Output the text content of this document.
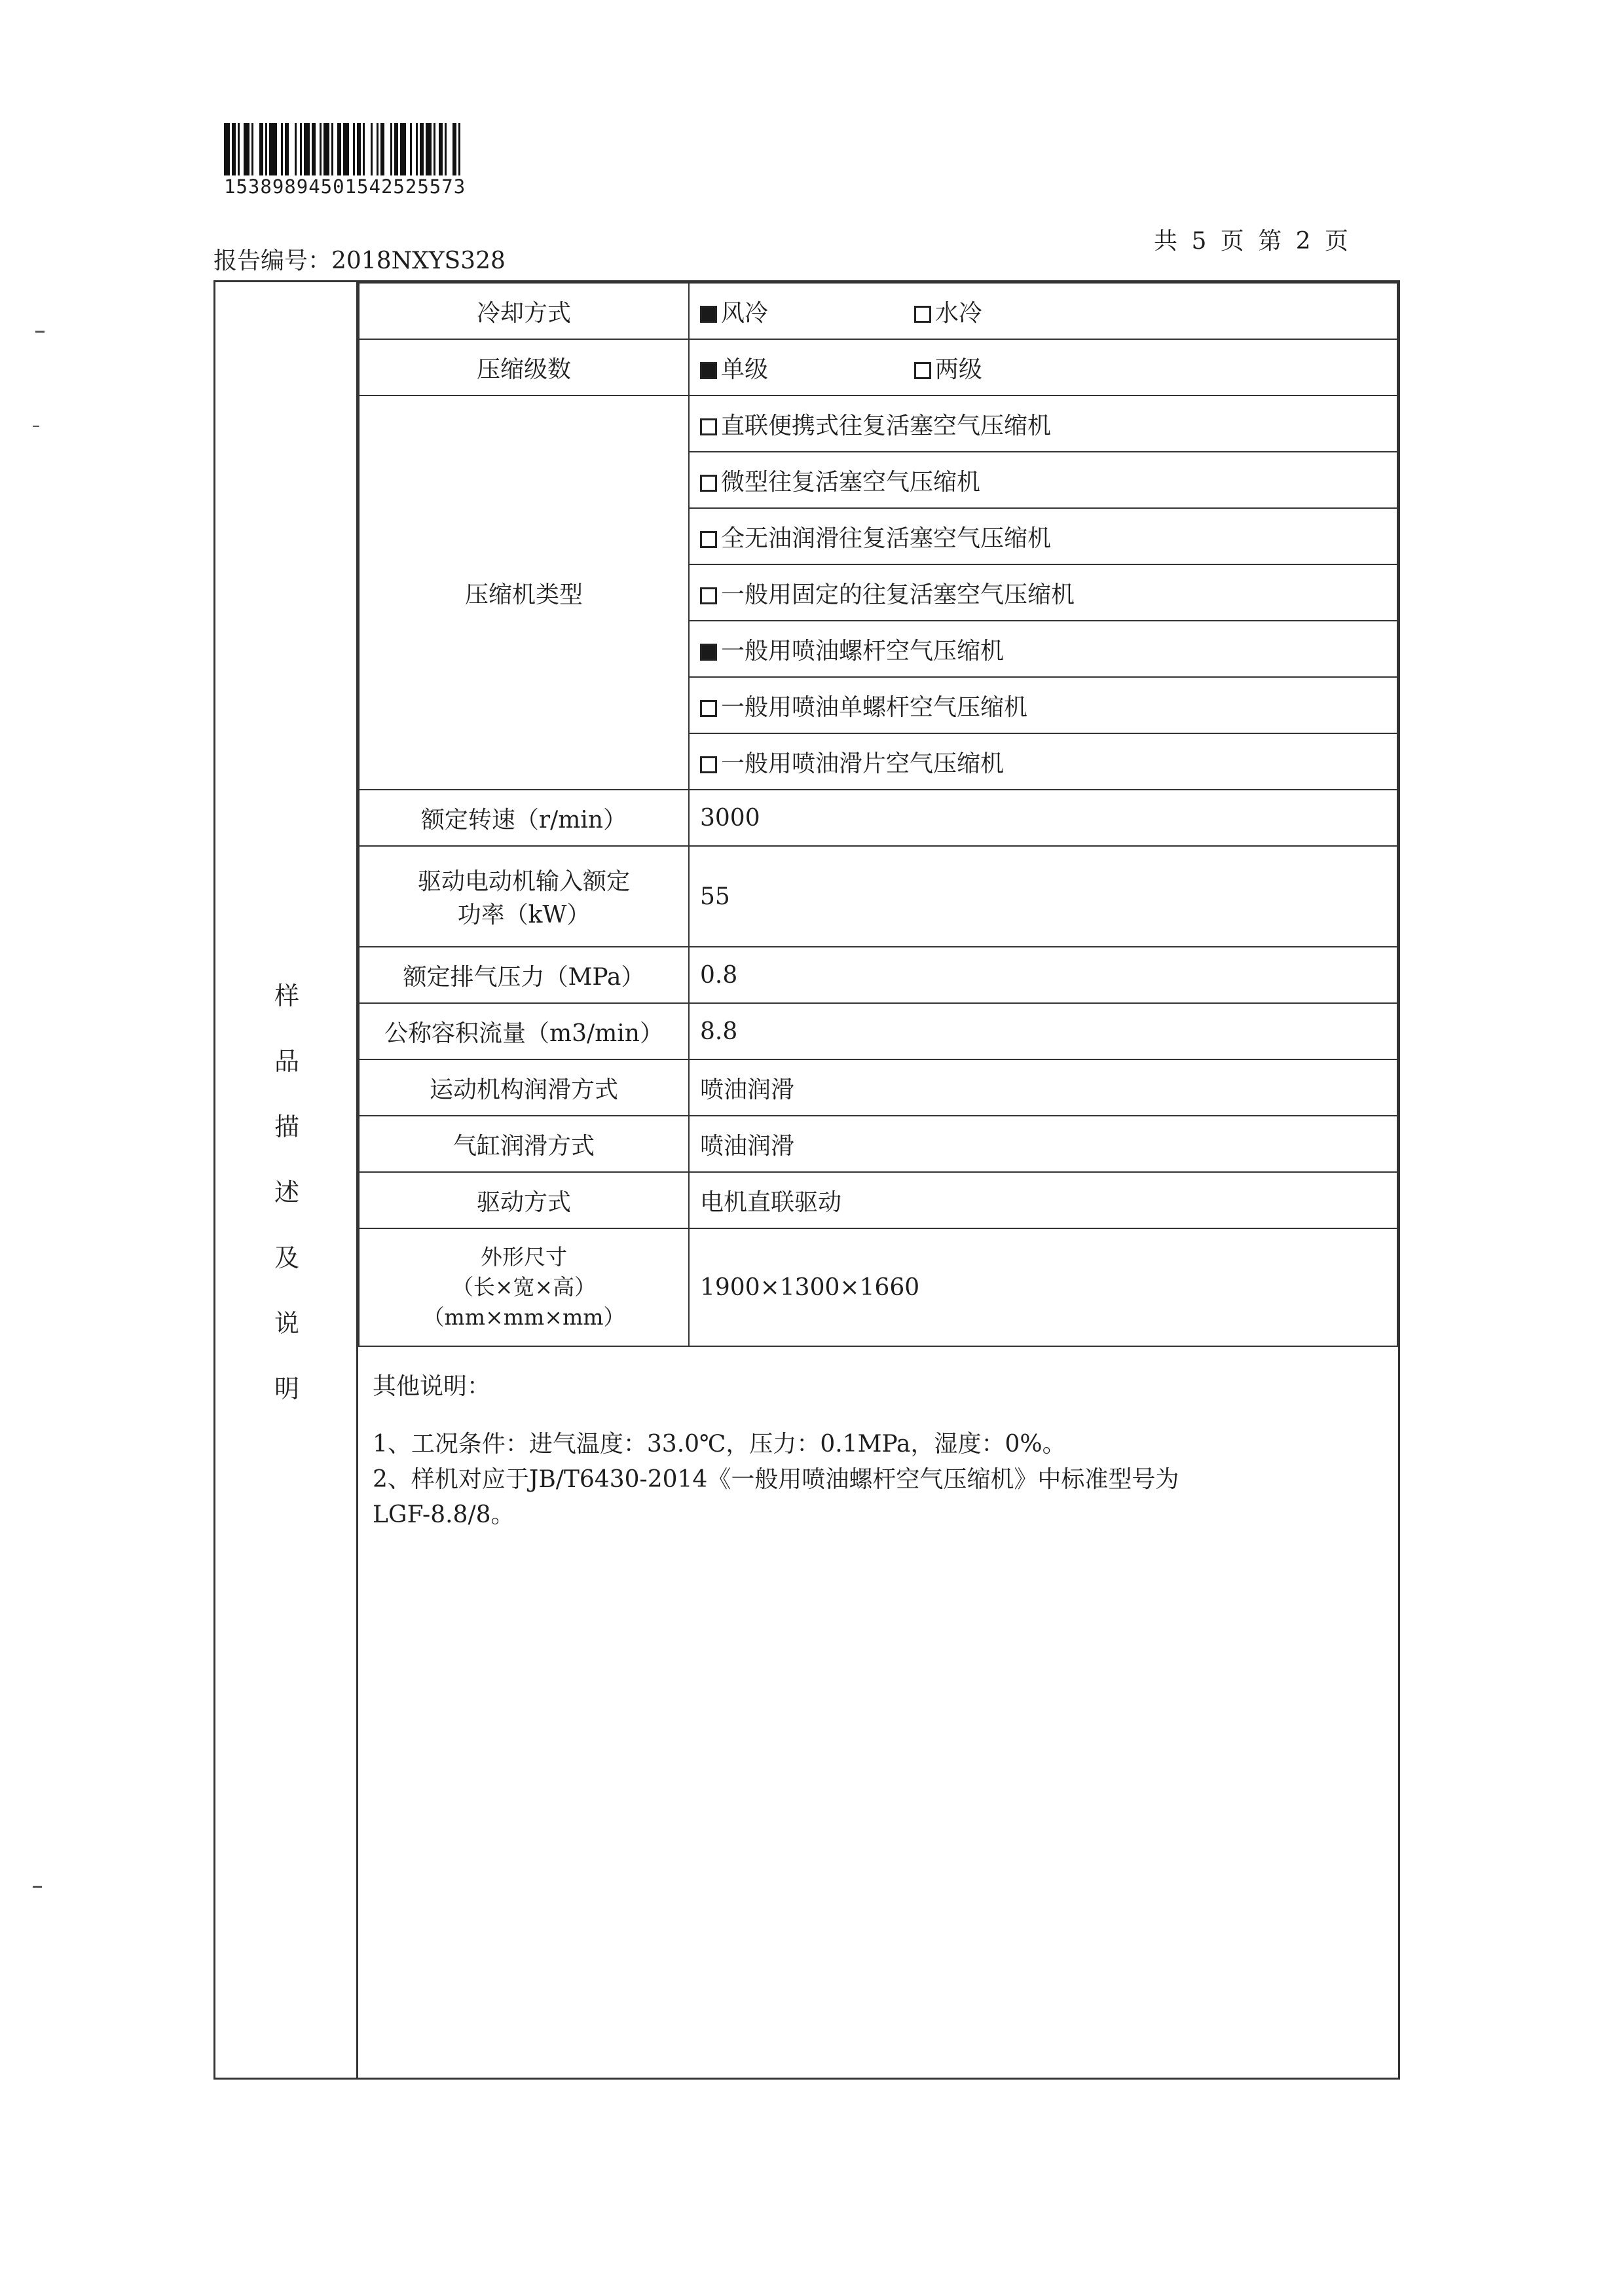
15389894501542525573
报告编号：2018NXYS328
共 5 页 第 2 页
样
品
描
述
及
说
明
冷却方式	风冷 水冷
压缩级数	单级 两级
压缩机类型	直联便携式往复活塞空气压缩机
	微型往复活塞空气压缩机
	全无油润滑往复活塞空气压缩机
	一般用固定的往复活塞空气压缩机
	一般用喷油螺杆空气压缩机
	一般用喷油单螺杆空气压缩机
	一般用喷油滑片空气压缩机
额定转速（r/min）	3000

驱动电动机输入额定
功率（kW）	55
额定排气压力（MPa）	0.8
公称容积流量（m3/min）	8.8
运动机构润滑方式	喷油润滑
气缸润滑方式	喷油润滑
驱动方式	电机直联驱动

外形尺寸
（长×宽×高）
（mm×mm×mm）	1900×1300×1660
其他说明：
1、工况条件：进气温度：33.0℃，压力：0.1MPa，湿度：0%。
2、样机对应于JB/T6430-2014《一般用喷油螺杆空气压缩机》中标准型号为
LGF-8.8/8。
